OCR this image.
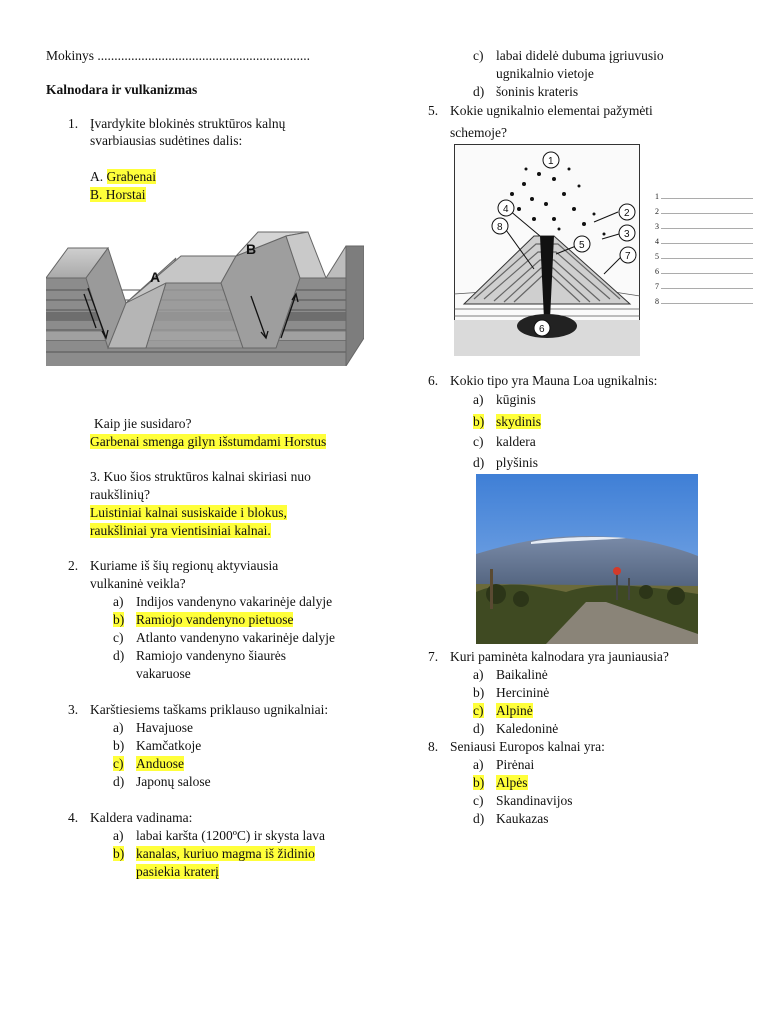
Mokinys ...............................................................
Kalnodara ir vulkanizmas
1. Įvardykite blokinės struktūros kalnų
svarbiausias sudėtines dalis:
A. Grabenai
B. Horstai
A
B
Kaip jie susidaro?
Garbenai smenga gilyn išstumdami Horstus
3. Kuo šios struktūros kalnai skiriasi nuo
raukšlinių?
Luistiniai kalnai susiskaide i blokus,
raukšliniai yra vientisiniai kalnai.
2. Kuriame iš šių regionų aktyviausia
vulkaninė veikla?
a) Indijos vandenyno vakarinėje dalyje
b) Ramiojo vandenyno pietuose
c) Atlanto vandenyno vakarinėje dalyje
d) Ramiojo vandenyno šiaurės
vakaruose
3. Karštiesiems taškams priklauso ugnikalniai:
a) Havajuose
b) Kamčatkoje
c) Anduose
d) Japonų salose
4. Kaldera vadinama:
a) labai karšta (1200ºC) ir skysta lava
b) kanalas, kuriuo magma iš židinio
pasiekia kraterį
c) labai didelė dubuma įgriuvusio
ugnikalnio vietoje
d) šoninis krateris
5. Kokie ugnikalnio elementai pažymėti
schemoje?
1
2
3
4
5
6
7
8
1 ..............................................
2 ..............................................
3 ..............................................
4 ..............................................
5 ..............................................
6 ..............................................
7 ..............................................
8 ..............................................
6. Kokio tipo yra Mauna Loa ugnikalnis:
a) kūginis
b) skydinis
c) kaldera
d) plyšinis
7. Kuri paminėta kalnodara yra jauniausia?
a) Baikalinė
b) Hercininė
c) Alpinė
d) Kaledoninė
8. Seniausi Europos kalnai yra:
a) Pirėnai
b) Alpės
c) Skandinavijos
d) Kaukazas
